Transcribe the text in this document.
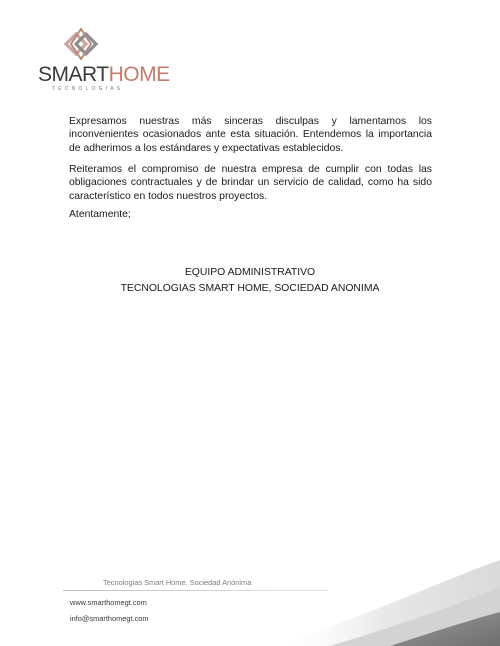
SMARTHOME
TECNOLOGIAS

Expresamos nuestras más sinceras disculpas y lamentamos los inconvenientes ocasionados ante esta situación. Entendemos la importancia de adherimos a los estándares y expectativas establecidos.

Reiteramos el compromiso de nuestra empresa de cumplir con todas las obligaciones contractuales y de brindar un servicio de calidad, como ha sido característico en todos nuestros proyectos.

Atentamente;

EQUIPO ADMINISTRATIVO

TECNOLOGIAS SMART HOME, SOCIEDAD ANONIMA

Tecnologias Smart Home, Sociedad Anónima

www.smarthomegt.com

info@smarthomegt.com
